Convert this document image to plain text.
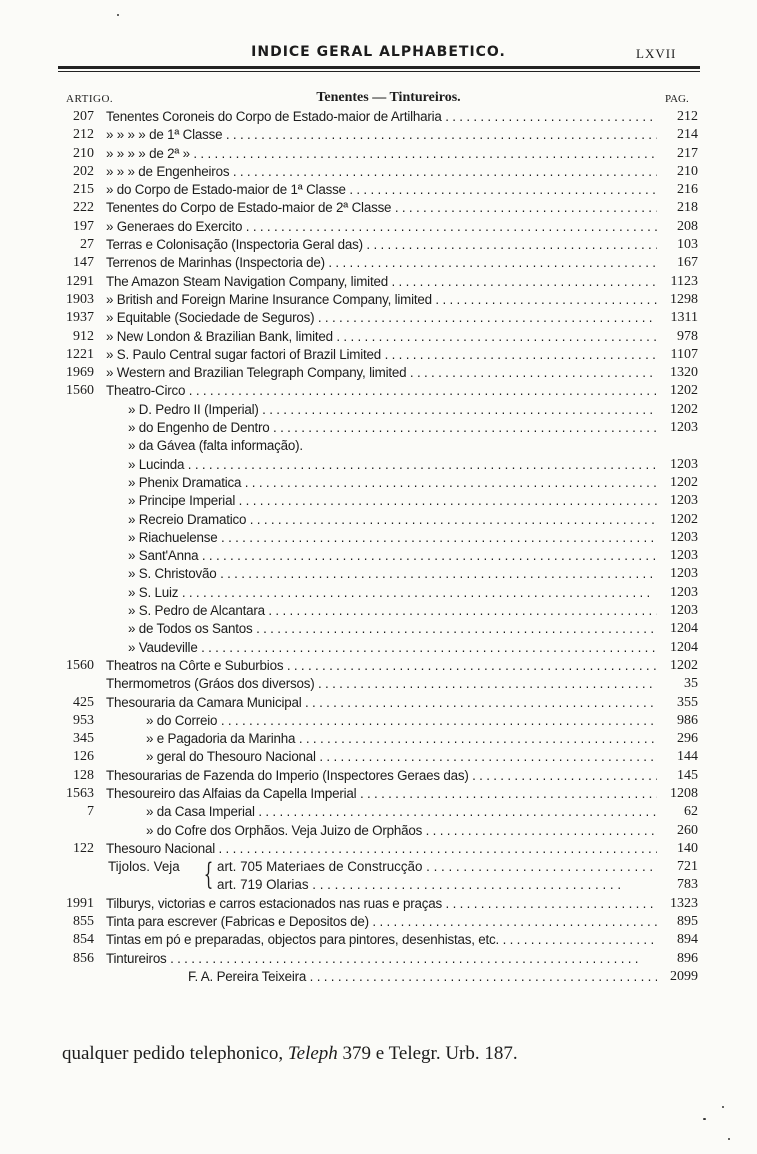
INDICE GERAL ALPHABETICO.	LXVII
ARTIGO.	Tenentes — Tintureiros.	PAG.
207 Tenentes Coroneis do Corpo de Estado-maior de Artilharia . . .	212
212 » » » » de 1ª Classe . . .	214
210 » » » » de 2ª » . . .	217
202 » » » de Engenheiros . . .	210
215 » do Corpo de Estado-maior de 1ª Classe . . .	216
222 Tenentes do Corpo de Estado-maior de 2ª Classe . . .	218
197 » Generaes do Exercito . . .	208
27 Terras e Colonisação (Inspectoria Geral das) . . .	103
147 Terrenos de Marinhas (Inspectoria de) . . .	167
1291 The Amazon Steam Navigation Company, limited . . .	1123
1903 » British and Foreign Marine Insurance Company, limited . . .	1298
1937 » Equitable (Sociedade de Seguros) . . .	1311
912 » New London & Brazilian Bank, limited . . .	978
1221 » S. Paulo Central sugar factori of Brazil Limited . . .	1107
1969 » Western and Brazilian Telegraph Company, limited . . .	1320
1560 Theatro-Circo . . .	1202
» D. Pedro II (Imperial) . . .	1202
» do Engenho de Dentro . . .	1203
» da Gávea (falta informação).
» Lucinda . . .	1203
» Phenix Dramatica . . .	1202
» Principe Imperial . . .	1203
» Recreio Dramatico . . .	1202
» Riachuelense . . .	1203
» Sant'Anna . . .	1203
» S. Christovão . . .	1203
» S. Luiz . . .	1203
» S. Pedro de Alcantara . . .	1203
» de Todos os Santos . . .	1204
» Vaudeville . . .	1204
1560 Theatros na Côrte e Suburbios . . .	1202
Thermometros (Gráos dos diversos) . . .	35
425 Thesouraria da Camara Municipal . . .	355
953	» do Correio . . .	986
345	» e Pagadoria da Marinha . . .	296
126	» geral do Thesouro Nacional . . .	144
128 Thesourarias de Fazenda do Imperio (Inspectores Geraes das) . . .	145
1563 Thesoureiro das Alfaias da Capella Imperial . . .	1208
7	» da Casa Imperial . . .	62
» do Cofre dos Orphãos. Veja Juizo de Orphãos . . .	260
122 Thesouro Nacional . . .	140
Tijolos. Veja { art. 705 Materiaes de Construcção . . .	721
art. 719 Olarias . . .	783
1991 Tilburys, victorias e carros estacionados nas ruas e praças . . .	1323
855 Tinta para escrever (Fabricas e Depositos de) . . .	895
854 Tintas em pó e preparadas, objectos para pintores, desenhistas, etc. . . .	894
856 Tintureiros . . .	896
F. A. Pereira Teixeira . . .	2099
qualquer pedido telephonico, Teleph 379 e Telegr. Urb. 187.
